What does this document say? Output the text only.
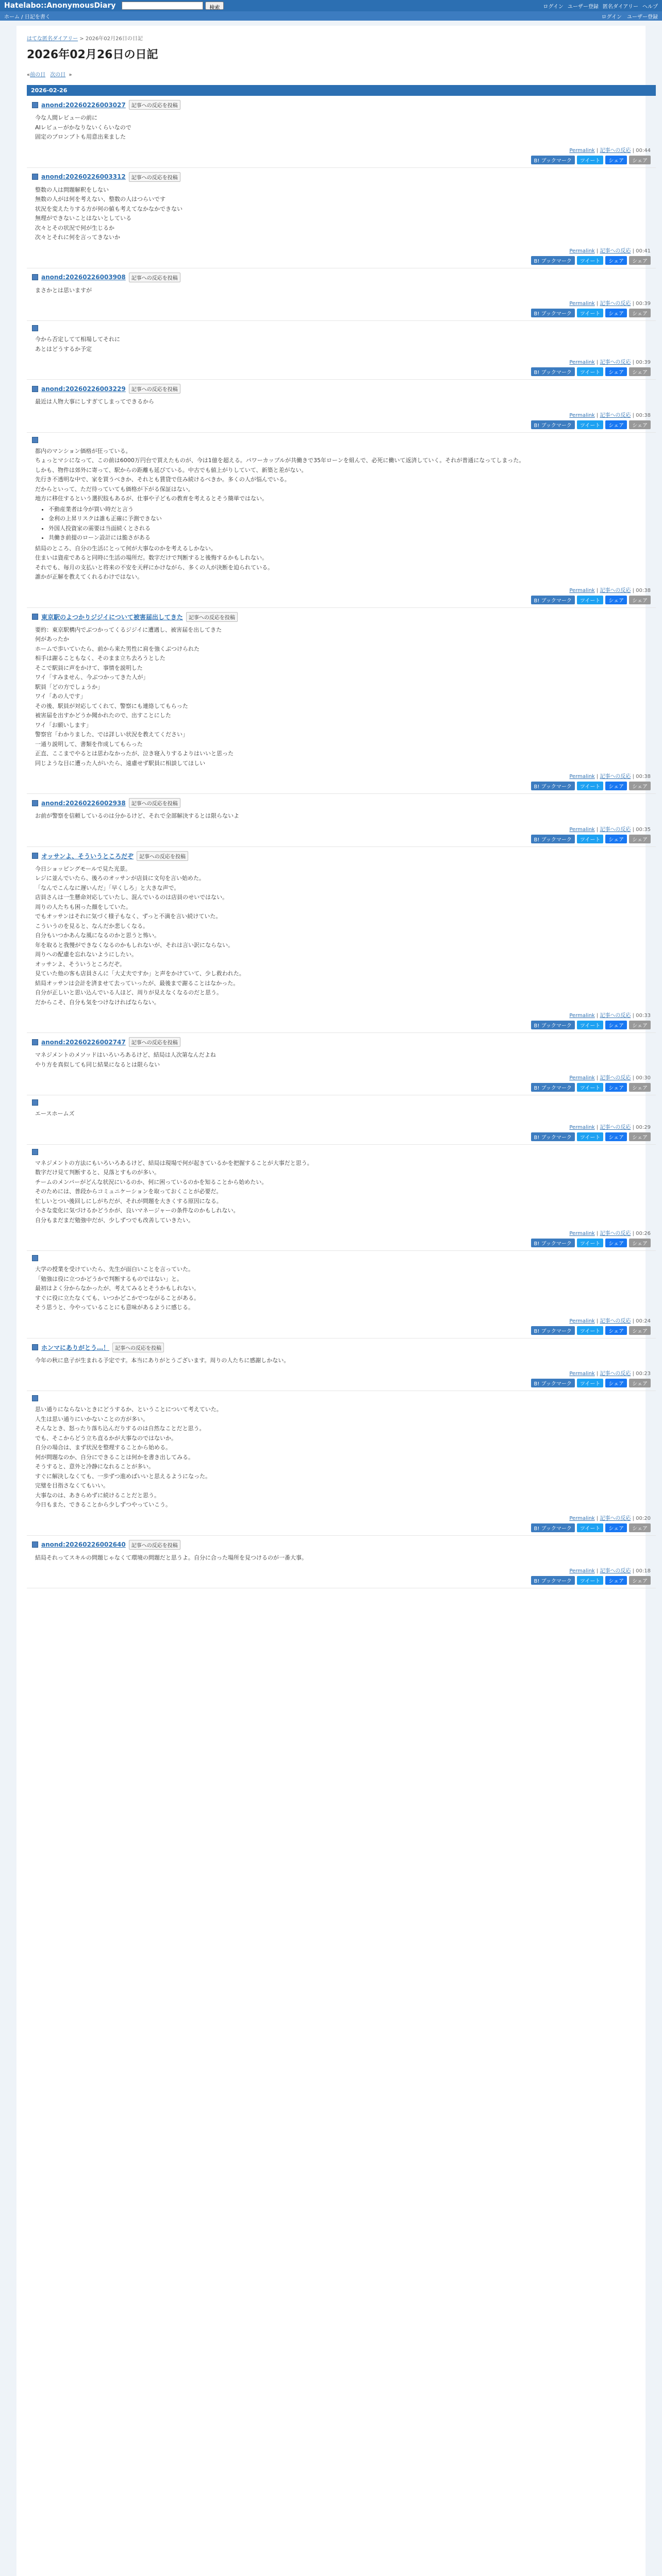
Hatelabo::AnonymousDiary	検索	ログイン ユーザー登録 匿名ダイアリー ヘルプ
ホーム / 日記を書く	ログイン ユーザー登録
はてな匿名ダイアリー > 2026年02月26日の日記
2026年02月26日の日記
«前の日 次の日 »
2026-02-26
anond:20260226003027	記事への反応を投稿

今な人間レビューの前に

AIレビューがかなりないくらいなので

固定のプロンプトも用意出来ました

Permalink | 記事への反応 | 00:44
B! ブックマーク	ツイート	シェア	シェア
anond:20260226003312	記事への反応を投稿

整数の人は問題解釈をしない

無数の人がは何を考えない、整数の人はつらいです

状況を変えたりする方が何の値も考えてなかなかできない

無理ができないことはないとしている

次々とその状況で何が生じるか

次々とそれに何を言ってきないか

Permalink | 記事への反応 | 00:41
B! ブックマーク	ツイート	シェア	シェア
anond:20260226003908	記事への反応を投稿

まさかとは思いますが

Permalink | 記事への反応 | 00:39
B! ブックマーク	ツイート	シェア	シェア

今から否定してて相場してそれに

あとはどうするか予定

Permalink | 記事への反応 | 00:39
B! ブックマーク	ツイート	シェア	シェア
anond:20260226003229	記事への反応を投稿

最近は人物大事にしすぎてしまってできるから

Permalink | 記事への反応 | 00:38
B! ブックマーク	ツイート	シェア	シェア

都内のマンション価格が狂っている。

ちょっとマシになって、この前は6000万円台で買えたものが、今は1億を超える。パワーカップルが共働きで35年ローンを組んで、必死に働いて返済していく。それが普通になってしまった。

しかも、物件は郊外に寄って、駅からの距離も延びている。中古でも値上がりしていて、新築と差がない。

先行き不透明な中で、家を買うべきか、それとも賃貸で住み続けるべきか。多くの人が悩んでいる。

だからといって、ただ待っていても価格が下がる保証はない。

地方に移住するという選択肢もあるが、仕事や子どもの教育を考えるとそう簡単ではない。

• 不動産業者は今が買い時だと言う
• 金利の上昇リスクは誰も正確に予測できない
• 外国人投資家の需要は当面続くとされる
• 共働き前提のローン設計には脆さがある

結局のところ、自分の生活にとって何が大事なのかを考えるしかない。

住まいは資産であると同時に生活の場所だ。数字だけで判断すると後悔するかもしれない。

それでも、毎月の支払いと将来の不安を天秤にかけながら、多くの人が決断を迫られている。

誰かが正解を教えてくれるわけではない。

Permalink | 記事への反応 | 00:38
B! ブックマーク	ツイート	シェア	シェア
東京駅のよつかりジジイについて被害届出してきた	記事への反応を投稿

要約：東京駅構内でぶつかってくるジジイに遭遇し、被害届を出してきた

何があったか

ホームで歩いていたら、前から来た男性に肩を強くぶつけられた

相手は謝ることもなく、そのまま立ち去ろうとした

そこで駅員に声をかけて、事情を説明した

ワイ「すみません、今ぶつかってきた人が」

駅員「どの方でしょうか」

ワイ「あの人です」

その後、駅員が対応してくれて、警察にも連絡してもらった

被害届を出すかどうか聞かれたので、出すことにした

ワイ「お願いします」

警察官「わかりました、では詳しい状況を教えてください」

一通り説明して、書類を作成してもらった

正直、ここまでやるとは思わなかったが、泣き寝入りするよりはいいと思った

同じような目に遭った人がいたら、遠慮せず駅員に相談してほしい

Permalink | 記事への反応 | 00:38
B! ブックマーク	ツイート	シェア	シェア
anond:20260226002938	記事への反応を投稿

お前が警察を信頼しているのは分かるけど、それで全部解決するとは限らないよ

Permalink | 記事への反応 | 00:35
B! ブックマーク	ツイート	シェア	シェア
オッサンよ、そういうところだぞ	記事への反応を投稿

今日ショッピングモールで見た光景。

レジに並んでいたら、後ろのオッサンが店員に文句を言い始めた。

「なんでこんなに遅いんだ」「早くしろ」と大きな声で。

店員さんは一生懸命対応していたし、混んでいるのは店員のせいではない。

周りの人たちも困った顔をしていた。

でもオッサンはそれに気づく様子もなく、ずっと不満を言い続けていた。

こういうのを見ると、なんだか悲しくなる。

自分もいつかあんな風になるのかと思うと怖い。

年を取ると我慢ができなくなるのかもしれないが、それは言い訳にならない。

周りへの配慮を忘れないようにしたい。

オッサンよ、そういうところだぞ。

見ていた他の客も店員さんに「大丈夫ですか」と声をかけていて、少し救われた。

結局オッサンは会計を済ませて去っていったが、最後まで謝ることはなかった。

自分が正しいと思い込んでいる人ほど、周りが見えなくなるのだと思う。

だからこそ、自分も気をつけなければならない。

Permalink | 記事への反応 | 00:33
B! ブックマーク	ツイート	シェア	シェア
anond:20260226002747	記事への反応を投稿

マネジメントのメソッドはいろいろあるけど、結局は人次第なんだよね

やり方を真似しても同じ結果になるとは限らない

Permalink | 記事への反応 | 00:30
B! ブックマーク	ツイート	シェア	シェア

エースホームズ

Permalink | 記事への反応 | 00:29
B! ブックマーク	ツイート	シェア	シェア

マネジメントの方法にもいろいろあるけど、結局は現場で何が起きているかを把握することが大事だと思う。

数字だけ見て判断すると、見落とすものが多い。

チームのメンバーがどんな状況にいるのか、何に困っているのかを知ることから始めたい。

そのためには、普段からコミュニケーションを取っておくことが必要だ。

忙しいとつい後回しにしがちだが、それが問題を大きくする原因になる。

小さな変化に気づけるかどうかが、良いマネージャーの条件なのかもしれない。

自分もまだまだ勉強中だが、少しずつでも改善していきたい。

Permalink | 記事への反応 | 00:26
B! ブックマーク	ツイート	シェア	シェア

大学の授業を受けていたら、先生が面白いことを言っていた。

「勉強は役に立つかどうかで判断するものではない」と。

最初はよく分からなかったが、考えてみるとそうかもしれない。

すぐに役に立たなくても、いつかどこかでつながることがある。

そう思うと、今やっていることにも意味があるように感じる。

Permalink | 記事への反応 | 00:24
B! ブックマーク	ツイート	シェア	シェア
ホンマにありがとう…！	記事への反応を投稿

今年の秋に息子が生まれる予定です。本当にありがとうございます。周りの人たちに感謝しかない。

Permalink | 記事への反応 | 00:23
B! ブックマーク	ツイート	シェア	シェア

思い通りにならないときにどうするか、ということについて考えていた。

人生は思い通りにいかないことの方が多い。

そんなとき、怒ったり落ち込んだりするのは自然なことだと思う。

でも、そこからどう立ち直るかが大事なのではないか。

自分の場合は、まず状況を整理することから始める。

何が問題なのか、自分にできることは何かを書き出してみる。

そうすると、意外と冷静になれることが多い。

すぐに解決しなくても、一歩ずつ進めばいいと思えるようになった。

完璧を目指さなくてもいい。

大事なのは、あきらめずに続けることだと思う。

今日もまた、できることから少しずつやっていこう。

Permalink | 記事への反応 | 00:20
B! ブックマーク	ツイート	シェア	シェア
anond:20260226002640	記事への反応を投稿

結局それってスキルの問題じゃなくて環境の問題だと思うよ。自分に合った場所を見つけるのが一番大事。

Permalink | 記事への反応 | 00:18
B! ブックマーク	ツイート	シェア	シェア
